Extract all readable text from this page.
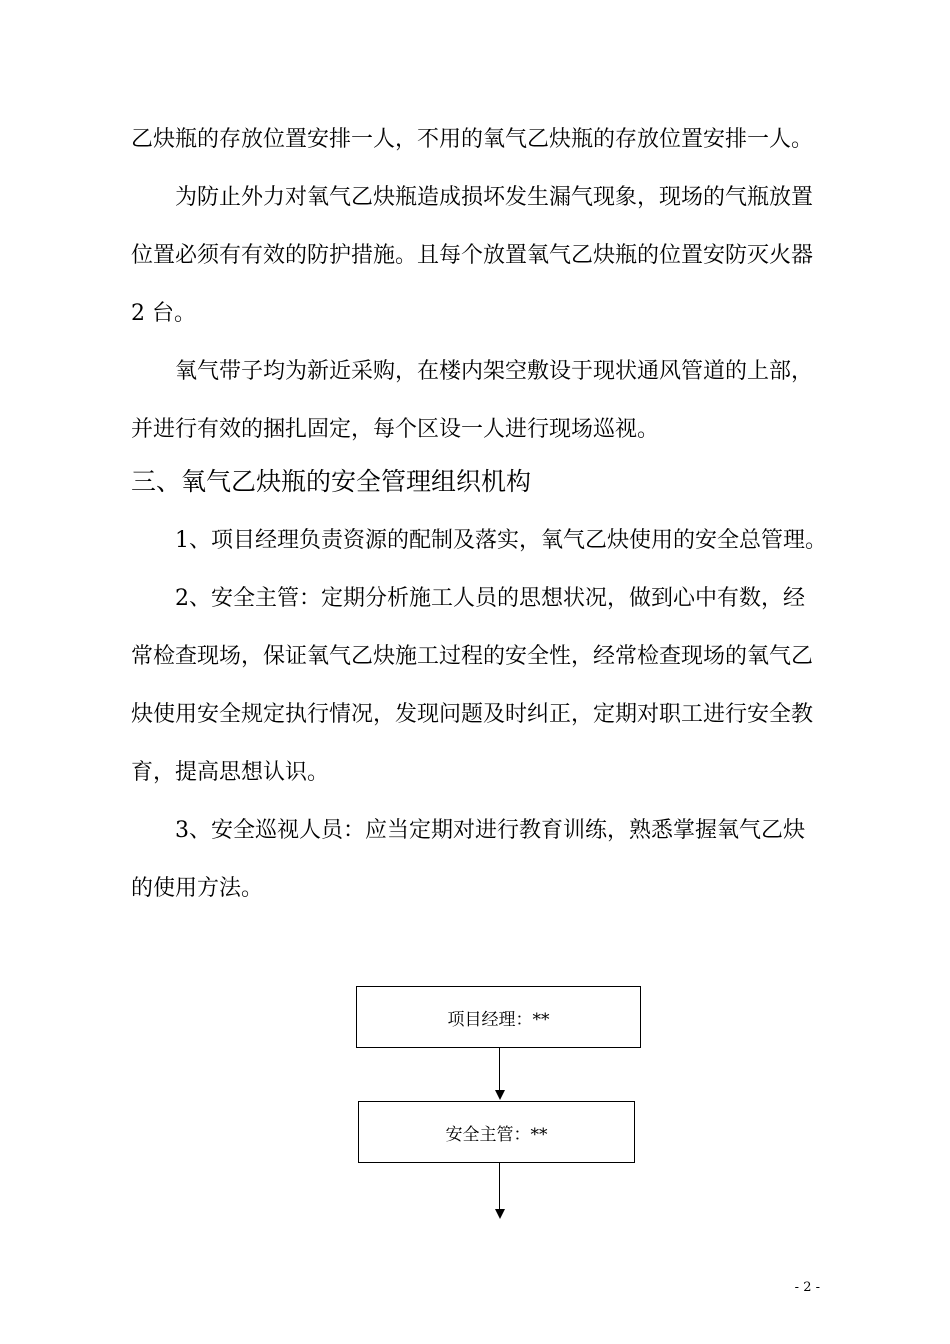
乙炔瓶的存放位置安排一人，不用的氧气乙炔瓶的存放位置安排一人。

为防止外力对氧气乙炔瓶造成损坏发生漏气现象，现场的气瓶放置
位置必须有有效的防护措施。且每个放置氧气乙炔瓶的位置安防灭火器
2 台。

氧气带子均为新近采购，在楼内架空敷设于现状通风管道的上部，
并进行有效的捆扎固定，每个区设一人进行现场巡视。

三、氧气乙炔瓶的安全管理组织机构

1、项目经理负责资源的配制及落实，氧气乙炔使用的安全总管理。

2、安全主管：定期分析施工人员的思想状况，做到心中有数，经
常检查现场，保证氧气乙炔施工过程的安全性，经常检查现场的氧气乙
炔使用安全规定执行情况，发现问题及时纠正，定期对职工进行安全教
育，提高思想认识。

3、安全巡视人员：应当定期对进行教育训练，熟悉掌握氧气乙炔
的使用方法。

项目经理：**
安全主管：**
- 2 -
